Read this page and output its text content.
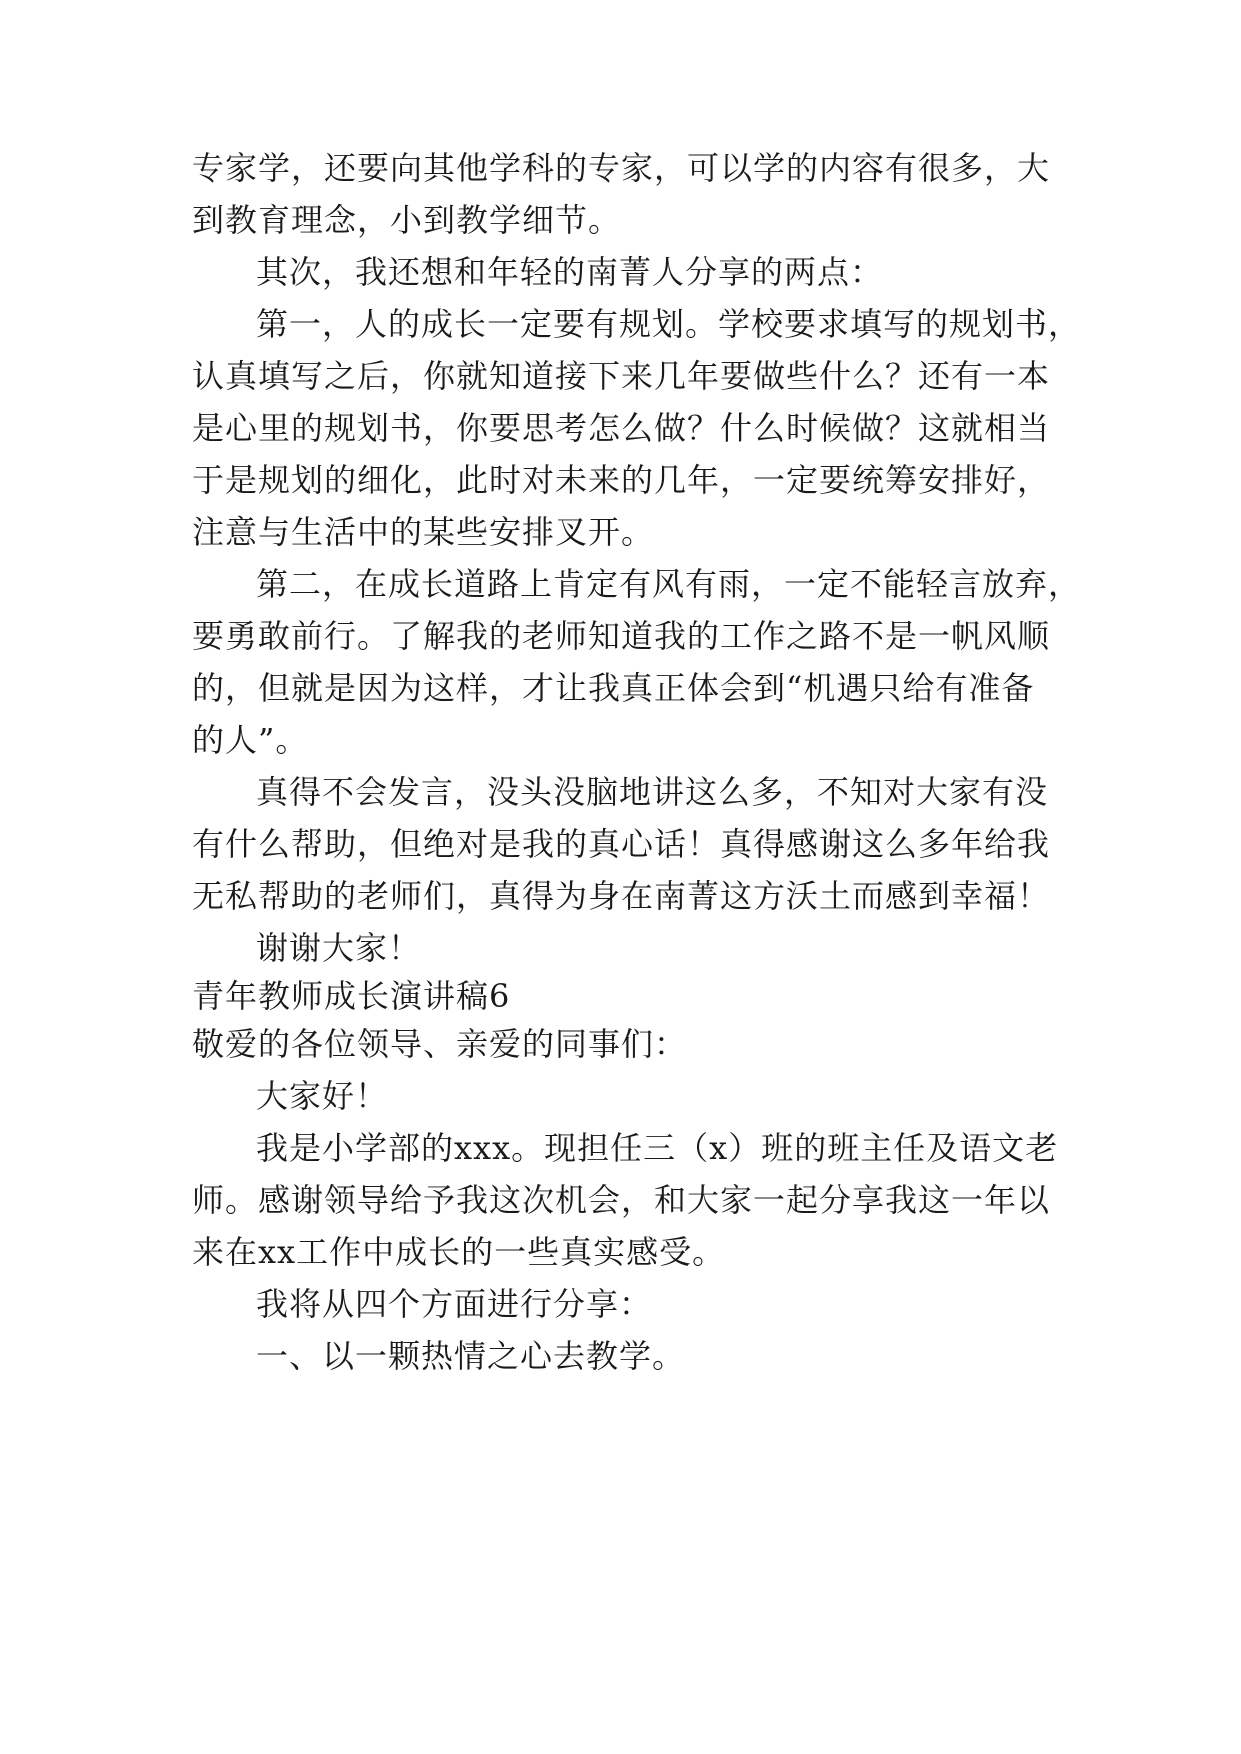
专家学，还要向其他学科的专家，可以学的内容有很多，大
到教育理念，小到教学细节。
其次，我还想和年轻的南菁人分享的两点：
第一，人的成长一定要有规划。学校要求填写的规划书，
认真填写之后，你就知道接下来几年要做些什么？还有一本
是心里的规划书，你要思考怎么做？什么时候做？这就相当
于是规划的细化，此时对未来的几年，一定要统筹安排好，
注意与生活中的某些安排叉开。
第二，在成长道路上肯定有风有雨，一定不能轻言放弃，
要勇敢前行。了解我的老师知道我的工作之路不是一帆风顺
的，但就是因为这样，才让我真正体会到“机遇只给有准备
的人”。
真得不会发言，没头没脑地讲这么多，不知对大家有没
有什么帮助，但绝对是我的真心话！真得感谢这么多年给我
无私帮助的老师们，真得为身在南菁这方沃土而感到幸福！
谢谢大家！
青年教师成长演讲稿6
敬爱的各位领导、亲爱的同事们：
大家好！
我是小学部的xxx。现担任三（x）班的班主任及语文老
师。感谢领导给予我这次机会，和大家一起分享我这一年以
来在xx工作中成长的一些真实感受。
我将从四个方面进行分享：
一、以一颗热情之心去教学。
